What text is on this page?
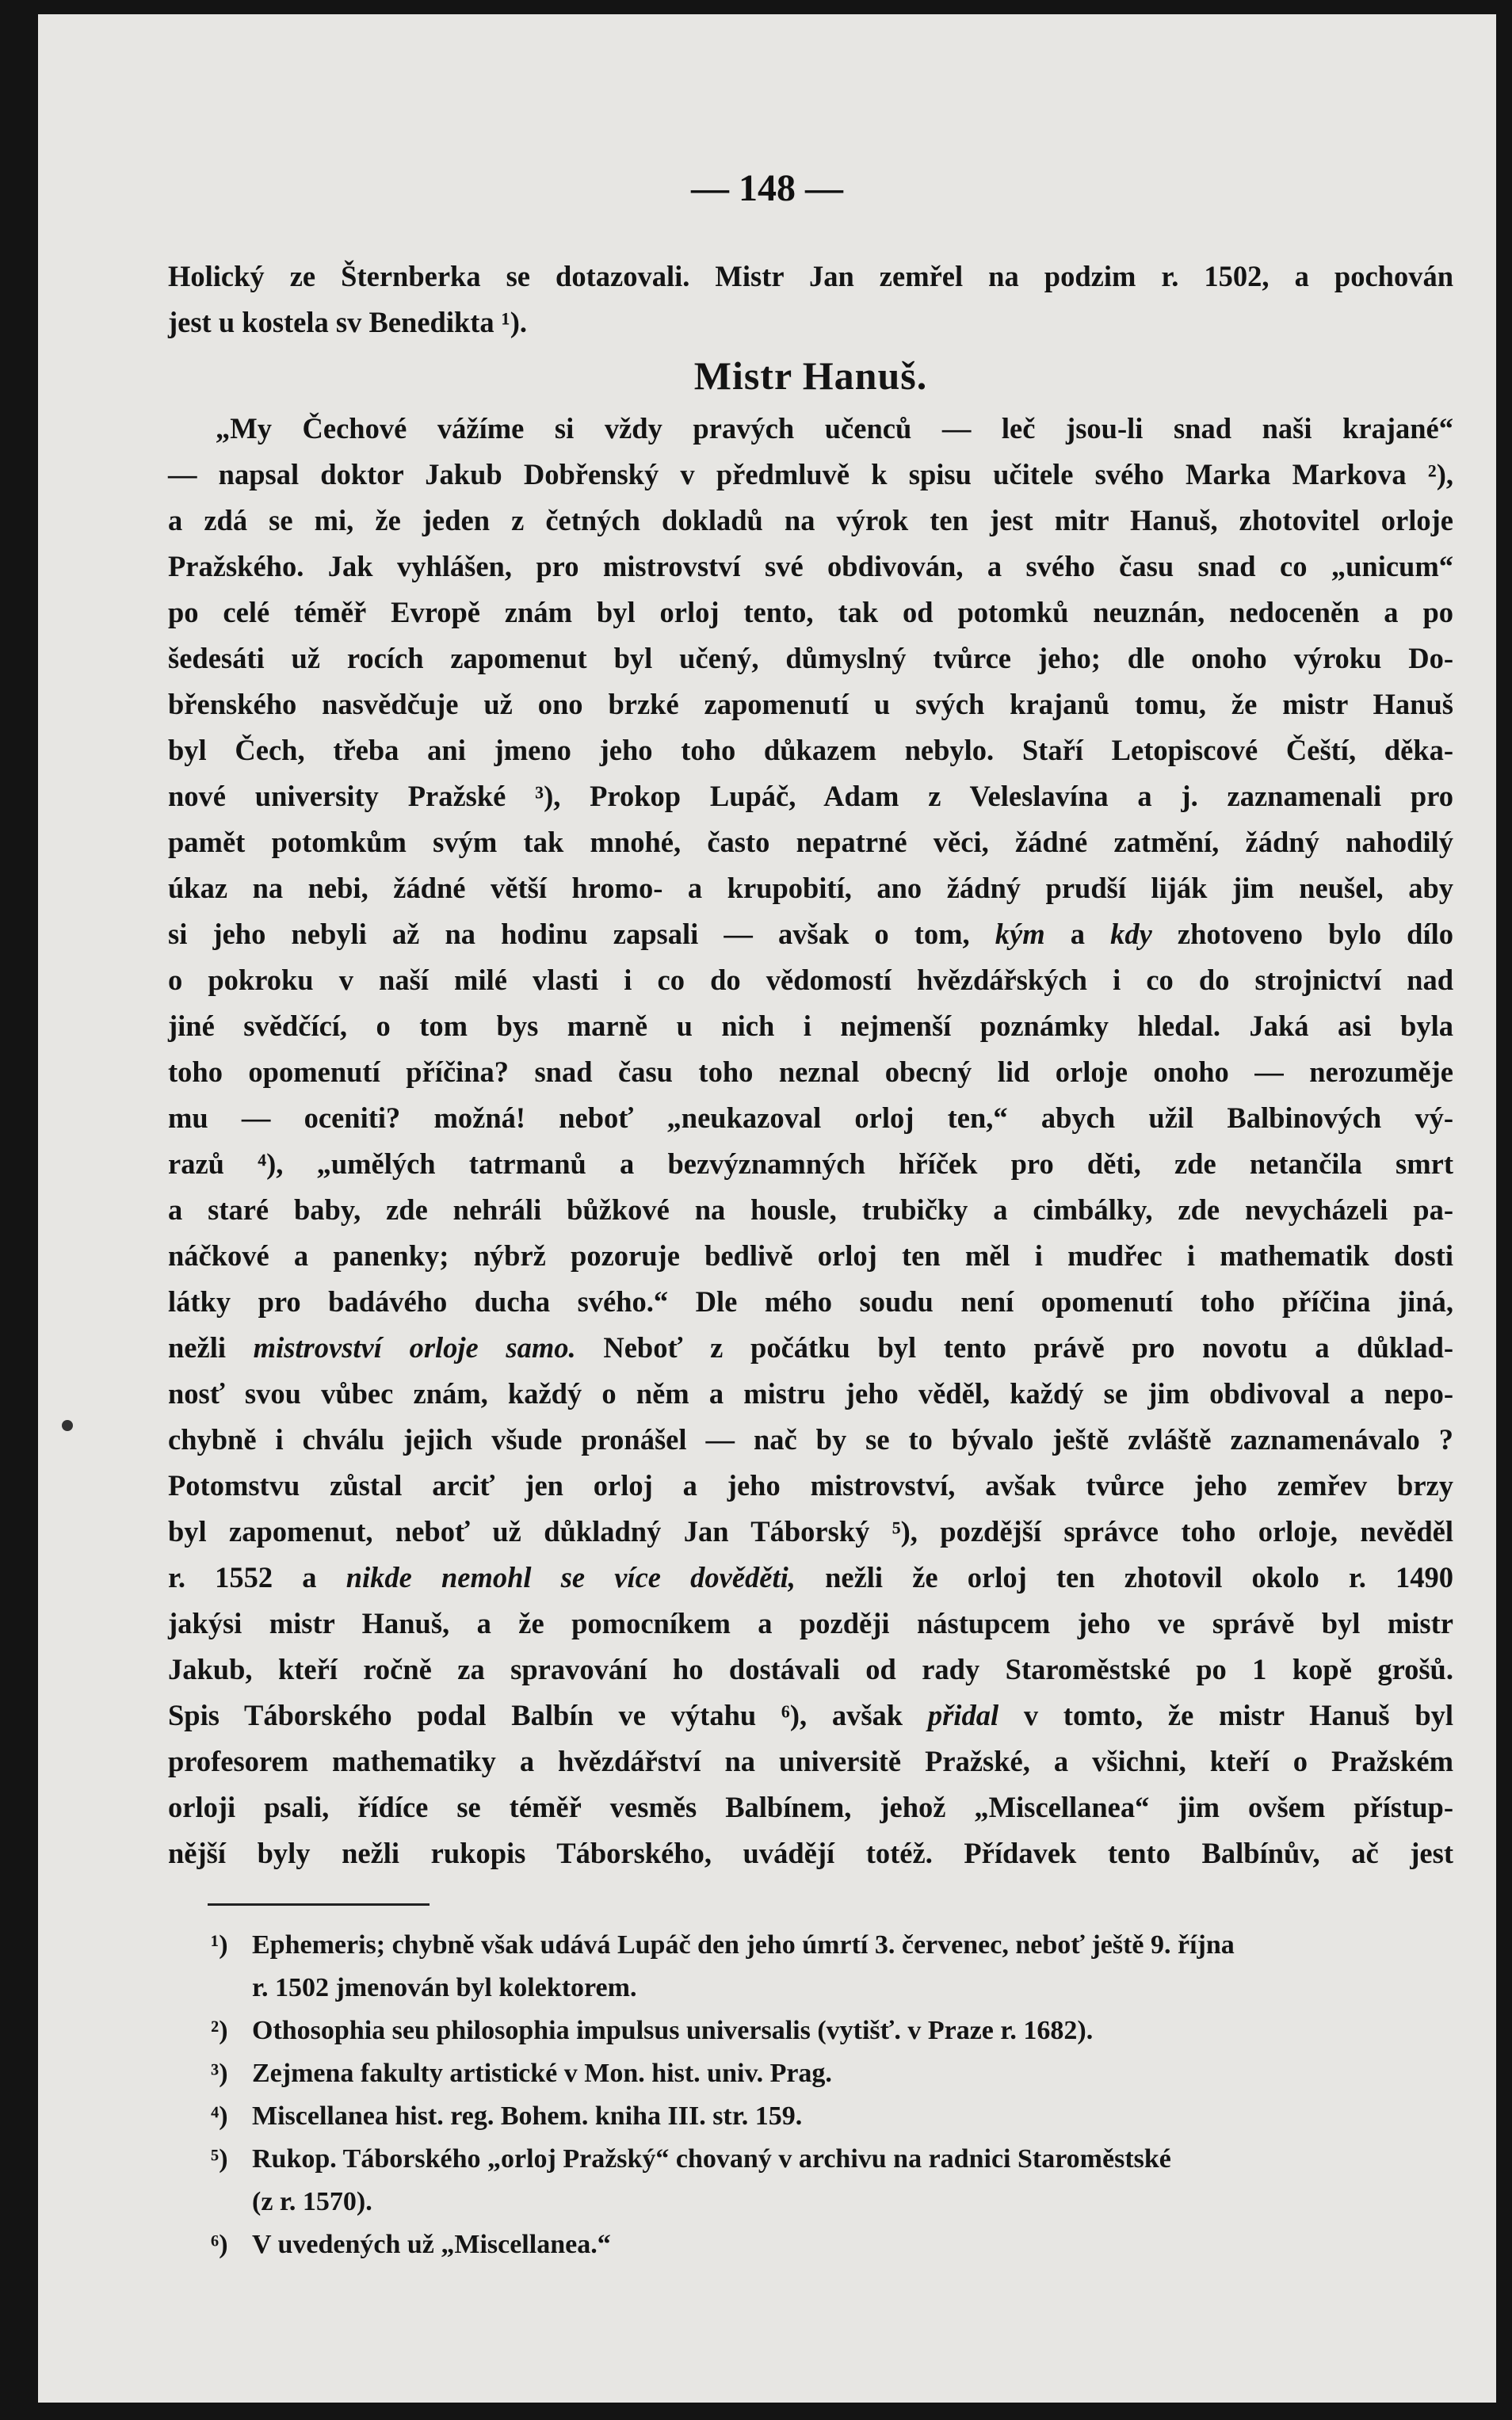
— 148 —
Holický ze Šternberka se dotazovali. Mistr Jan zemřel na podzim r. 1502, a pochován
jest u kostela sv Benedikta ¹).
Mistr Hanuš.
„My Čechové vážíme si vždy pravých učenců — leč jsou-li snad naši krajané“
— napsal doktor Jakub Dobřenský v předmluvě k spisu učitele svého Marka Markova ²),
a zdá se mi, že jeden z četných dokladů na výrok ten jest mitr Hanuš, zhotovitel orloje
Pražského. Jak vyhlášen, pro mistrovství své obdivován, a svého času snad co „unicum“
po celé téměř Evropě znám byl orloj tento, tak od potomků neuznán, nedoceněn a po
šedesáti už rocích zapomenut byl učený, důmyslný tvůrce jeho; dle onoho výroku Do-
břenského nasvědčuje už ono brzké zapomenutí u svých krajanů tomu, že mistr Hanuš
byl Čech, třeba ani jmeno jeho toho důkazem nebylo. Staří Letopiscové Čeští, děka-
nové university Pražské ³), Prokop Lupáč, Adam z Veleslavína a j. zaznamenali pro
pamět potomkům svým tak mnohé, často nepatrné věci, žádné zatmění, žádný nahodilý
úkaz na nebi, žádné větší hromo- a krupobití, ano žádný prudší liják jim neušel, aby
si jeho nebyli až na hodinu zapsali — avšak o tom, kým a kdy zhotoveno bylo dílo
o pokroku v naší milé vlasti i co do vědomostí hvězdářských i co do strojnictví nad
jiné svědčící, o tom bys marně u nich i nejmenší poznámky hledal. Jaká asi byla
toho opomenutí příčina? snad času toho neznal obecný lid orloje onoho — nerozuměje
mu — oceniti? možná! neboť „neukazoval orloj ten,“ abych užil Balbinových vý-
razů ⁴), „umělých tatrmanů a bezvýznamných hříček pro děti, zde netančila smrt
a staré baby, zde nehráli bůžkové na housle, trubičky a cimbálky, zde nevycházeli pa-
náčkové a panenky; nýbrž pozoruje bedlivě orloj ten měl i mudřec i mathematik dosti
látky pro badávého ducha svého.“ Dle mého soudu není opomenutí toho příčina jiná,
nežli mistrovství orloje samo. Neboť z počátku byl tento právě pro novotu a důklad-
nosť svou vůbec znám, každý o něm a mistru jeho věděl, každý se jim obdivoval a nepo-
chybně i chválu jejich všude pronášel — nač by se to bývalo ještě zvláště zaznamenávalo ?
Potomstvu zůstal arciť jen orloj a jeho mistrovství, avšak tvůrce jeho zemřev brzy
byl zapomenut, neboť už důkladný Jan Táborský ⁵), pozdější správce toho orloje, nevěděl
r. 1552 a nikde nemohl se více dověděti, nežli že orloj ten zhotovil okolo r. 1490
jakýsi mistr Hanuš, a že pomocníkem a později nástupcem jeho ve správě byl mistr
Jakub, kteří ročně za spravování ho dostávali od rady Staroměstské po 1 kopě grošů.
Spis Táborského podal Balbín ve výtahu ⁶), avšak přidal v tomto, že mistr Hanuš byl
profesorem mathematiky a hvězdářství na universitě Pražské, a všichni, kteří o Pražském
orloji psali, řídíce se téměř vesměs Balbínem, jehož „Miscellanea“ jim ovšem přístup-
nější byly nežli rukopis Táborského, uvádějí totéž. Přídavek tento Balbínův, ač jest
¹) Ephemeris; chybně však udává Lupáč den jeho úmrtí 3. červenec, neboť ještě 9. října
r. 1502 jmenován byl kolektorem.
²) Othosophia seu philosophia impulsus universalis (vytišť. v Praze r. 1682).
³) Zejmena fakulty artistické v Mon. hist. univ. Prag.
⁴) Miscellanea hist. reg. Bohem. kniha III. str. 159.
⁵) Rukop. Táborského „orloj Pražský“ chovaný v archivu na radnici Staroměstské
(z r. 1570).
⁶) V uvedených už „Miscellanea.“
